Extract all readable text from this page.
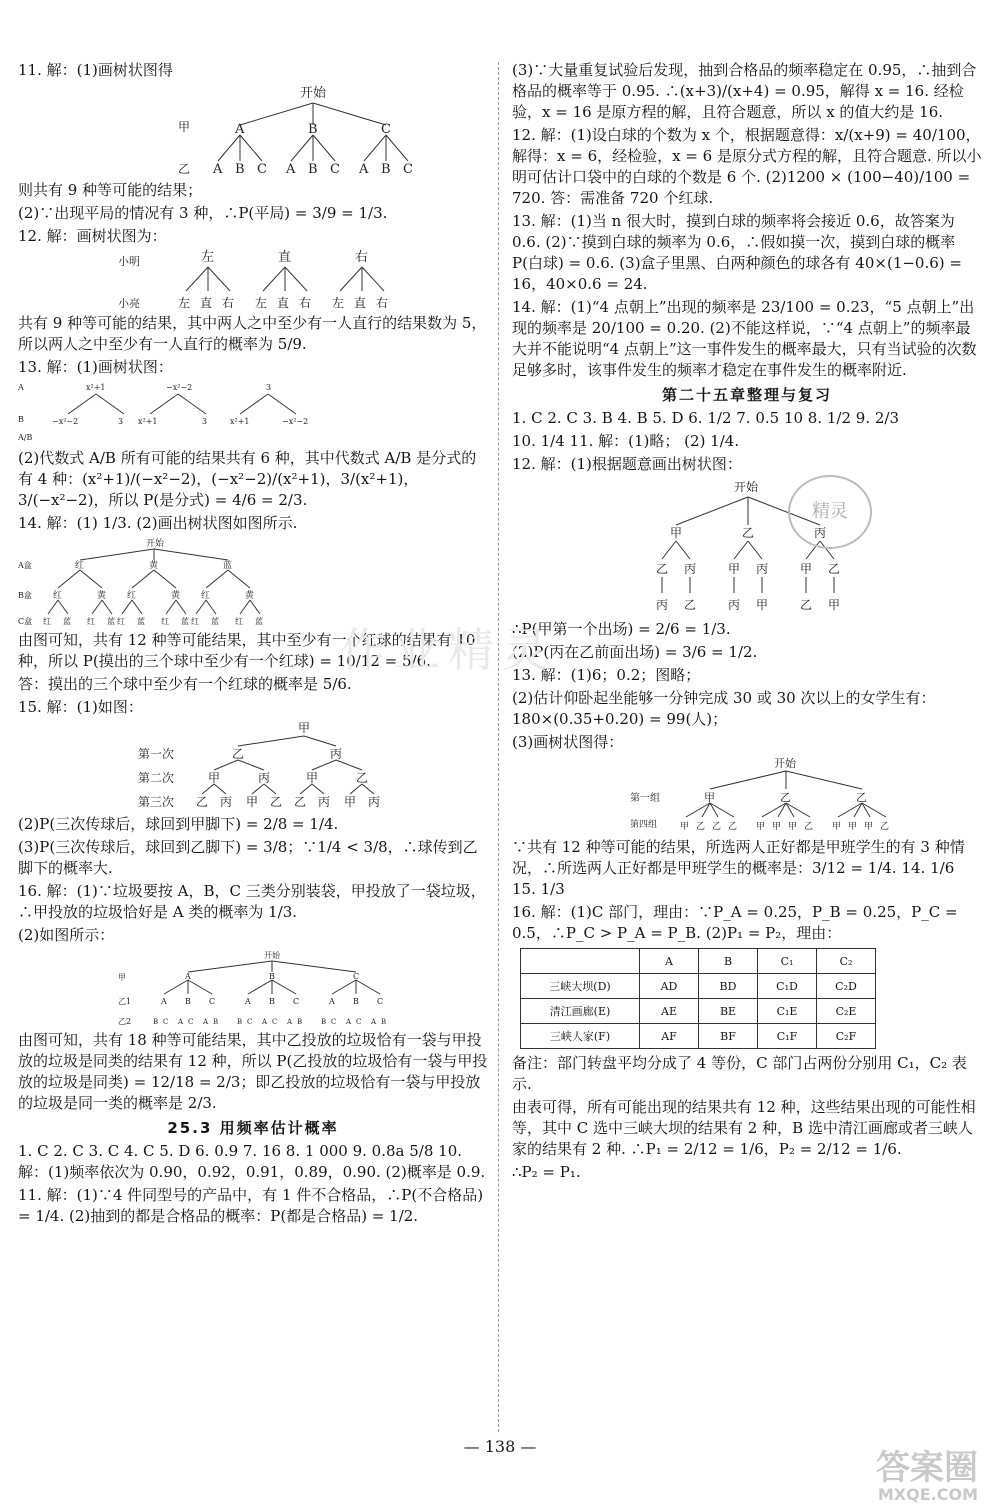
11. 解：(1)画树状图得

开始
甲
乙
A	B	C
A B C A B C A B C

则共有 9 种等可能的结果；

(2)∵出现平局的情况有 3 种，∴P(平局) = 3/9 = 1/3.

12. 解：画树状图为：

小明
小亮
左	直	右
左 直 右 左 直 右 左 直 右

共有 9 种等可能的结果，其中两人之中至少有一人直行的结果数为 5，所以两人之中至少有一人直行的概率为 5/9.

13. 解：(1)画树状图：

A
B
A/B
x²+1	−x²−2	3
−x²−2	3 x²+1	3	x²+1	−x²−2

(2)代数式 A/B 所有可能的结果共有 6 种，其中代数式 A/B 是分式的有 4 种：(x²+1)/(−x²−2)，(−x²−2)/(x²+1)，3/(x²+1)，3/(−x²−2)，所以 P(是分式) = 4/6 = 2/3.

14. 解：(1) 1/3. (2)画出树状图如图所示.

开始
A盒
B盒
C盒
红	黄	蓝
红	黄 红	黄 红	黄
红 蓝 红 蓝 红 蓝 红 蓝 红 蓝 红 蓝

由图可知，共有 12 种等可能结果，其中至少有一个红球的结果有 10 种，所以 P(摸出的三个球中至少有一个红球) = 10/12 = 5/6.

答：摸出的三个球中至少有一个红球的概率是 5/6.

15. 解：(1)如图：

甲
第一次
第二次
第三次
乙	丙
甲	丙	甲	乙
乙 丙 甲 乙 乙 丙 甲 丙

(2)P(三次传球后，球回到甲脚下) = 2/8 = 1/4.

(3)P(三次传球后，球回到乙脚下) = 3/8；∵1/4 < 3/8，∴球传到乙脚下的概率大.

16. 解：(1)∵垃圾要按 A，B，C 三类分别装袋，甲投放了一袋垃圾，∴甲投放的垃圾恰好是 A 类的概率为 1/3.

(2)如图所示：

开始
甲
乙1
乙2
A	B	C
A B C	A B C	A B C
B C A C A B	B C A C A B	B C A C A B

由图可知，共有 18 种等可能结果，其中乙投放的垃圾恰有一袋与甲投放的垃圾是同类的结果有 12 种，所以 P(乙投放的垃圾恰有一袋与甲投放的垃圾是同类) = 12/18 = 2/3；即乙投放的垃圾恰有一袋与甲投放的垃圾是同一类的概率是 2/3.

25.3 用频率估计概率

1. C 2. C 3. C 4. C 5. D 6. 0.9 7. 16 8. 1 000 9. 0.8a 5/8 10. 解：(1)频率依次为 0.90，0.92，0.91，0.89，0.90. (2)概率是 0.9.

11. 解：(1)∵4 件同型号的产品中，有 1 件不合格品，∴P(不合格品) = 1/4. (2)抽到的都是合格品的概率：P(都是合格品) = 1/2.

(3)∵大量重复试验后发现，抽到合格品的频率稳定在 0.95，∴抽到合格品的概率等于 0.95. ∴(x+3)/(x+4) = 0.95，解得 x = 16. 经检验，x = 16 是原方程的解，且符合题意，所以 x 的值大约是 16.

12. 解：(1)设白球的个数为 x 个，根据题意得：x/(x+9) = 40/100，解得：x = 6，经检验，x = 6 是原分式方程的解，且符合题意. 所以小明可估计口袋中的白球的个数是 6 个. (2)1200 × (100−40)/100 = 720. 答：需准备 720 个红球.

13. 解：(1)当 n 很大时，摸到白球的频率将会接近 0.6，故答案为 0.6. (2)∵摸到白球的频率为 0.6，∴假如摸一次，摸到白球的概率 P(白球) = 0.6. (3)盒子里黑、白两种颜色的球各有 40×(1−0.6) = 16，40×0.6 = 24.

14. 解：(1)“4 点朝上”出现的频率是 23/100 = 0.23，“5 点朝上”出现的频率是 20/100 = 0.20. (2)不能这样说，∵“4 点朝上”的频率最大并不能说明“4 点朝上”这一事件发生的概率最大，只有当试验的次数足够多时，该事件发生的频率才稳定在事件发生的概率附近.

第二十五章整理与复习

1. C 2. C 3. B 4. B 5. D 6. 1/2 7. 0.5 10 8. 1/2 9. 2/3

10. 1/4 11. 解：(1)略； (2) 1/4.

12. 解：(1)根据题意画出树状图：

开始
甲	乙	丙
乙 丙	甲 丙	甲 乙
丙 乙	丙 甲	乙 甲

∴P(甲第一个出场) = 2/6 = 1/3.

(2)P(丙在乙前面出场) = 3/6 = 1/2.

13. 解：(1)6；0.2；图略；

(2)估计仰卧起坐能够一分钟完成 30 或 30 次以上的女学生有：180×(0.35+0.20) = 99(人)；

(3)画树状图得：

开始
第一组
第四组
甲	乙	乙
甲 乙 乙 乙 甲 甲 甲 乙 甲 甲 甲 乙

∵共有 12 种等可能的结果，所选两人正好都是甲班学生的有 3 种情况，∴所选两人正好都是甲班学生的概率是：3/12 = 1/4. 14. 1/6 15. 1/3

16. 解：(1)C 部门，理由：∵P_A = 0.25，P_B = 0.25，P_C = 0.5，∴P_C > P_A = P_B. (2)P₁ = P₂，理由：

	A	B	C₁	C₂
三峡大坝(D)	AD	BD	C₁D	C₂D
清江画廊(E)	AE	BE	C₁E	C₂E
三峡人家(F)	AF	BF	C₁F	C₂F

备注：部门转盘平均分成了 4 等份，C 部门占两份分别用 C₁，C₂ 表示.

由表可得，所有可能出现的结果共有 12 种，这些结果出现的可能性相等，其中 C 选中三峡大坝的结果有 2 种，B 选中清江画廊或者三峡人家的结果有 2 种. ∴P₁ = 2/12 = 1/6，P₂ = 2/12 = 1/6.

∴P₂ = P₁.

作业精灵
精灵
— 138 —
答案圈
MXQE.COM
